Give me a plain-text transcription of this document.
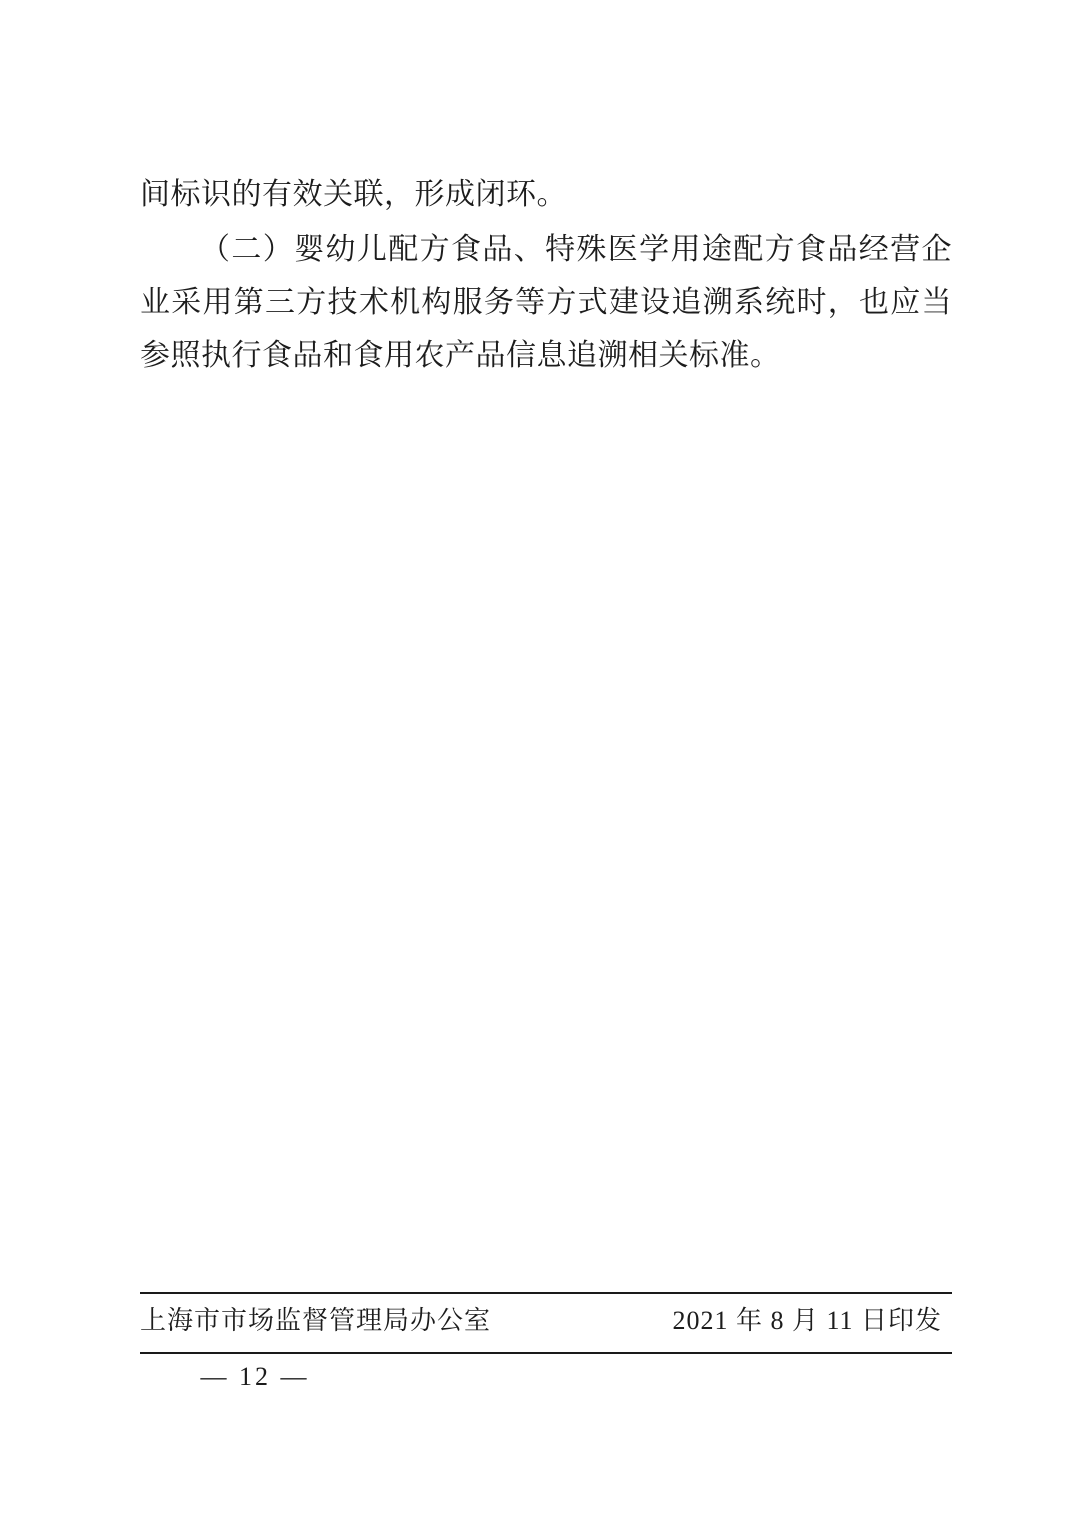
间标识的有效关联，形成闭环。

（二）婴幼儿配方食品、特殊医学用途配方食品经营企业采用第三方技术机构服务等方式建设追溯系统时，也应当参照执行食品和食用农产品信息追溯相关标准。

上海市市场监督管理局办公室	2021 年 8 月 11 日印发
— 12 —
